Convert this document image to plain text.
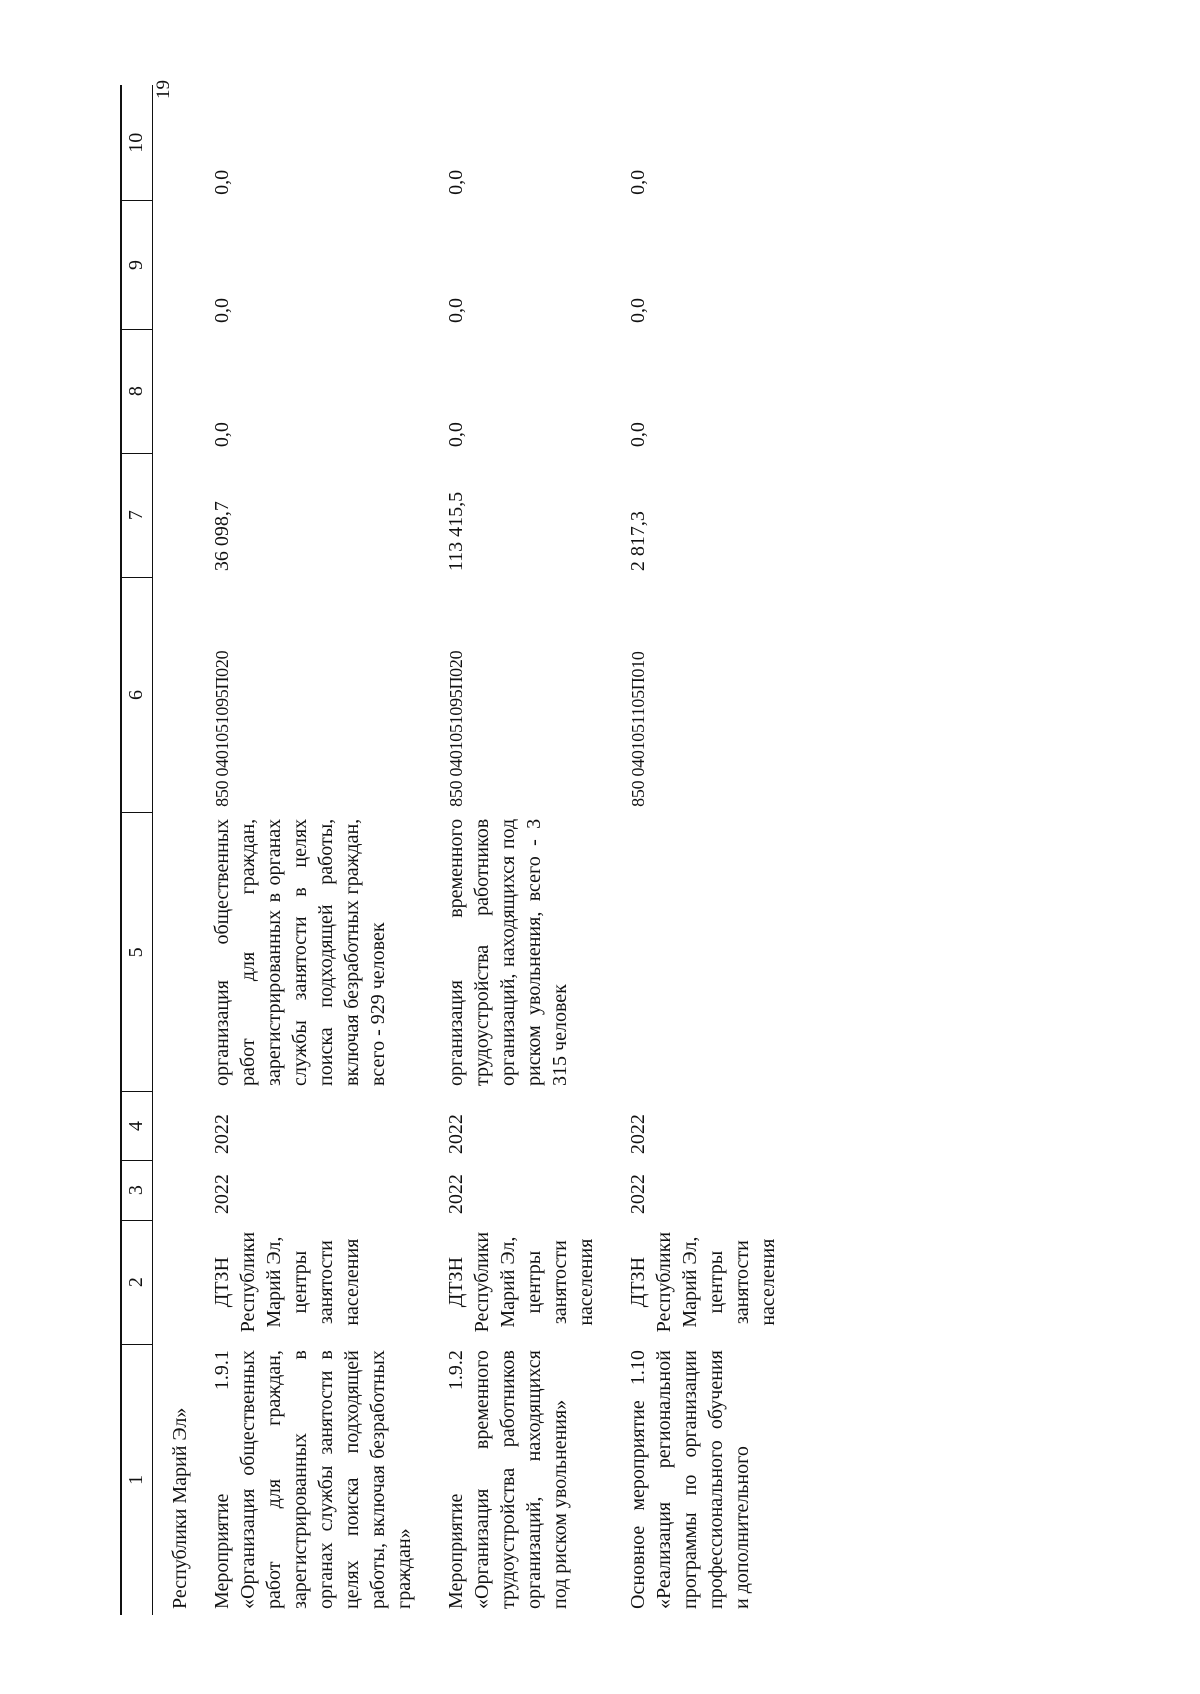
19
1	2	3	4	5	6	7	8	9	10
Республики Марий Эл»									
Мероприятие 1.9.1 «Организация общественных работ для граждан, зарегистрированных в органах службы занятости в целях поиска подходящей работы, включая безработных граждан»	ДТЗН Республики Марий Эл, центры занятости населения	2022	2022	организация общественных работ для граждан, зарегистрированных в органах службы занятости в целях поиска подходящей работы, включая безработных граждан, всего - 929 человек	850 0401051095П020	36 098,7	0,0	0,0	0,0
Мероприятие 1.9.2 «Организация временного трудоустройства работников организаций, находящихся под риском увольнения»	ДТЗН Республики Марий Эл, центры занятости населения	2022	2022	организация временного трудоустройства работников организаций, находящихся под риском увольнения, всего - 3 315 человек	850 0401051095П020	113 415,5	0,0	0,0	0,0
Основное мероприятие 1.10 «Реализация региональной программы по организации профессионального обучения и дополнительного	ДТЗН Республики Марий Эл, центры занятости населения	2022	2022		850 0401051105П010	2 817,3	0,0	0,0	0,0
